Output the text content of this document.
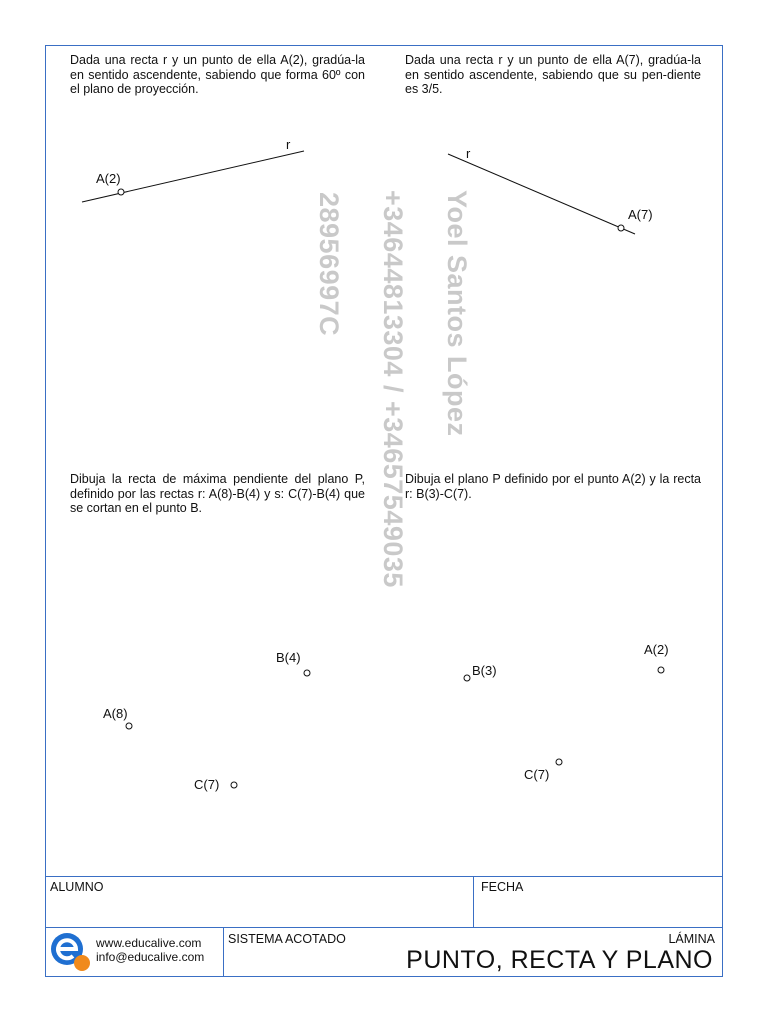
Dada una recta r y un punto de ella A(2), gradúa-la en sentido ascendente, sabiendo que forma 60º con el plano de proyección.
Dada una recta r y un punto de ella A(7), gradúa-la en sentido ascendente, sabiendo que su pen-diente es 3/5.
Dibuja la recta de máxima pendiente del plano P, definido por las rectas r: A(8)-B(4) y s: C(7)-B(4) que se cortan en el punto B.
Dibuja el plano P definido por el punto A(2) y la recta r: B(3)-C(7).
Yoel Santos López
+34644813304 / +34657549035
28956997C
r
A(2)
r
A(7)
B(4)
A(8)
C(7)
A(2)
B(3)
C(7)
ALUMNO	FECHA
www.educalive.com
info@educalive.com
SISTEMA ACOTADO	LÁMINA
PUNTO, RECTA Y PLANO
